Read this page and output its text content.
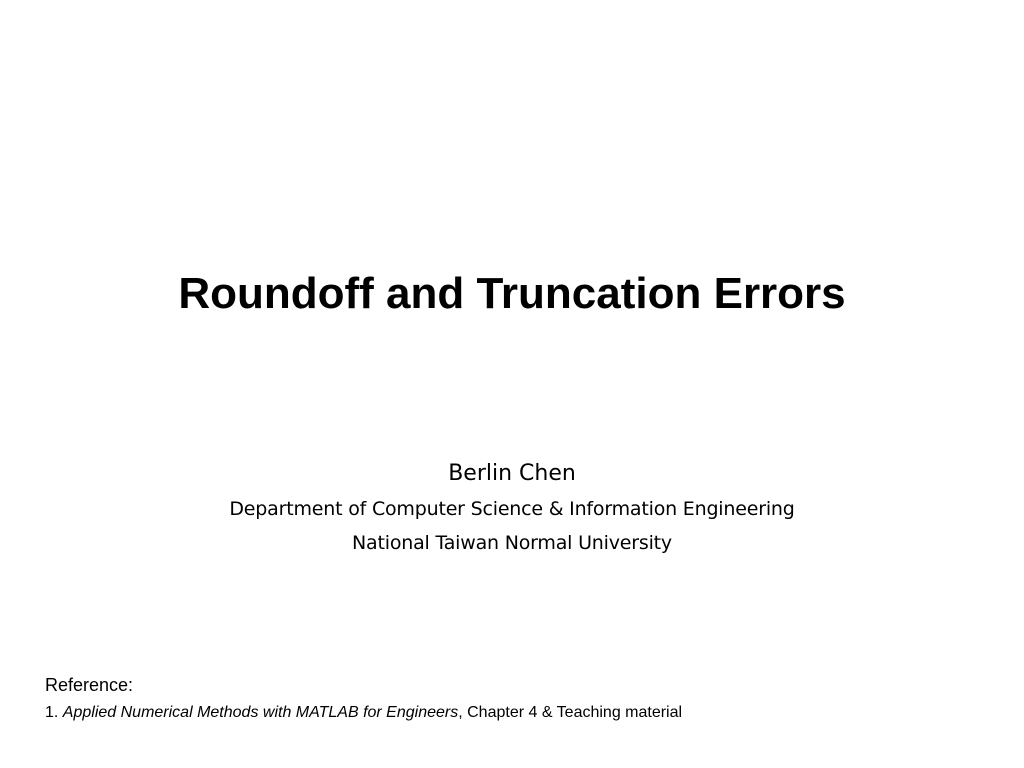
Roundoff and Truncation Errors
Berlin Chen
Department of Computer Science & Information Engineering
National Taiwan Normal University
Reference:
1. Applied Numerical Methods with MATLAB for Engineers, Chapter 4 & Teaching material
